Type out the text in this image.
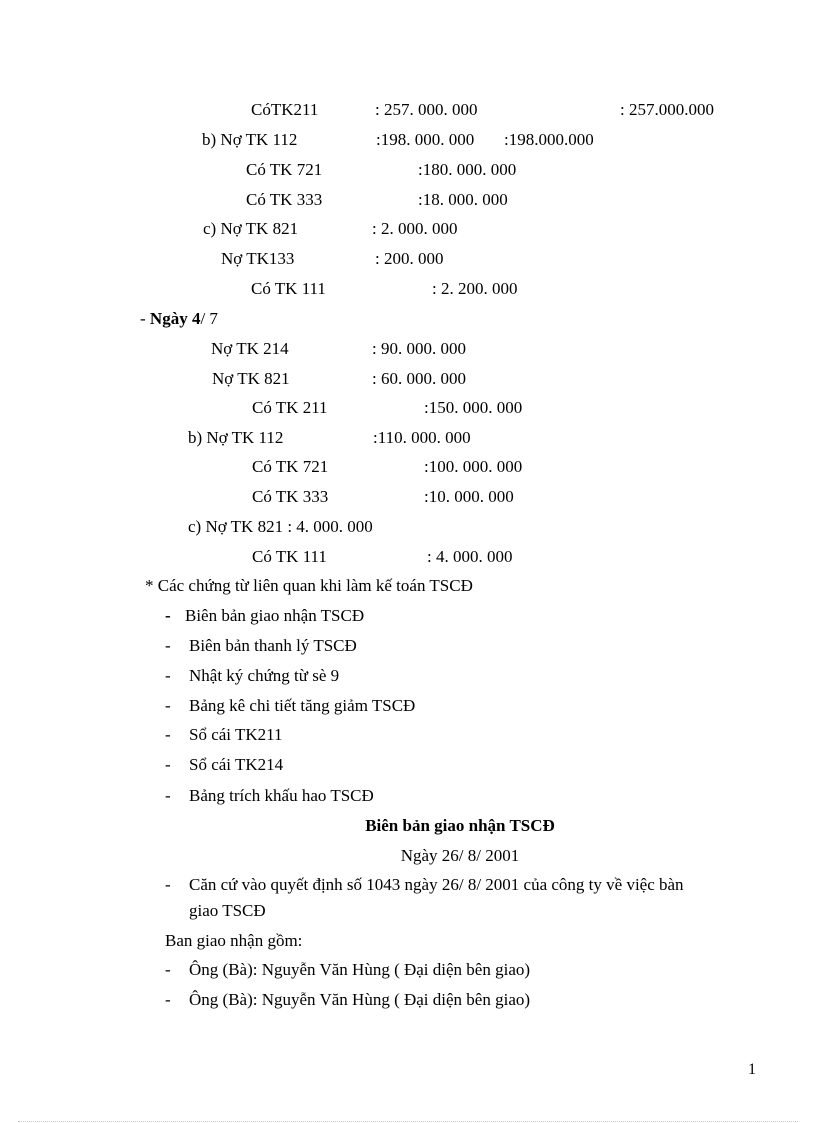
CóTK211	: 257. 000. 000	: 257.000.000
b) Nợ TK 112	:198. 000. 000 :198.000.000
Có TK 721	:180. 000. 000
Có TK 333	:18. 000. 000
c) Nợ TK 821	: 2. 000. 000
Nợ TK133	: 200. 000
Có TK 111	: 2. 200. 000
- Ngày 4/ 7
Nợ TK 214	: 90. 000. 000
Nợ TK 821	: 60. 000. 000
Có TK 211	:150. 000. 000
b) Nợ TK 112	:110. 000. 000
Có TK 721	:100. 000. 000
Có TK 333	:10. 000. 000
c) Nợ TK 821 : 4. 000. 000
Có TK 111	: 4. 000. 000
* Các chứng từ liên quan khi làm kế toán TSCĐ
- Biên bản giao nhận TSCĐ
- Biên bản thanh lý TSCĐ
- Nhật ký chứng từ sè 9
- Bảng kê chi tiết tăng giảm TSCĐ
- Sổ cái TK211
- Sổ cái TK214
- Bảng trích khấu hao TSCĐ
Biên bản giao nhận TSCĐ
Ngày 26/ 8/ 2001
- Căn cứ vào quyết định số 1043 ngày 26/ 8/ 2001 của công ty về việc bàn
giao TSCĐ
Ban giao nhận gồm:
- Ông (Bà): Nguyễn Văn Hùng ( Đại diện bên giao)
- Ông (Bà): Nguyễn Văn Hùng ( Đại diện bên giao)
1
